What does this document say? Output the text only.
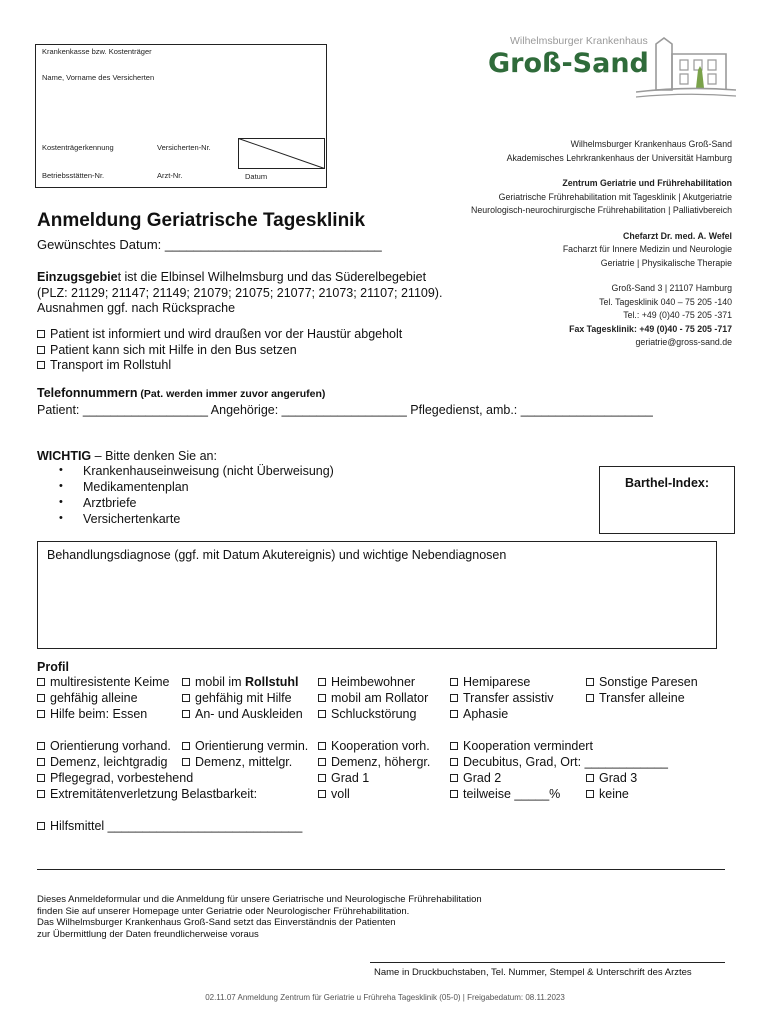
Krankenkasse bzw. Kostenträger
Name, Vorname des Versicherten
Kostenträgerkennung	Versicherten-Nr.
Betriebsstätten-Nr.	Arzt-Nr.	Datum
Wilhelmsburger Krankenhaus
Groß-Sand
Wilhelmsburger Krankenhaus Groß-Sand
Akademisches Lehrkrankenhaus der Universität Hamburg
Zentrum Geriatrie und Frührehabilitation
Geriatrische Frührehabilitation mit Tagesklinik | Akutgeriatrie
Neurologisch-neurochirurgische Frührehabilitation | Palliativbereich
Chefarzt Dr. med. A. Wefel
Facharzt für Innere Medizin und Neurologie
Geriatrie | Physikalische Therapie
Groß-Sand 3 | 21107 Hamburg
Tel. Tagesklinik 040 – 75 205 -140
Tel.: +49 (0)40 -75 205 -371
Fax Tagesklinik: +49 (0)40 - 75 205 -717
geriatrie@gross-sand.de
Anmeldung Geriatrische Tagesklinik
Gewünschtes Datum: ______________________________
Einzugsgebiet ist die Elbinsel Wilhelmsburg und das Süderelbegebiet
(PLZ: 21129; 21147; 21149; 21079; 21075; 21077; 21073; 21107; 21109).
Ausnahmen ggf. nach Rücksprache
Patient ist informiert und wird draußen vor der Haustür abgeholt
Patient kann sich mit Hilfe in den Bus setzen
Transport im Rollstuhl
Telefonnummern (Pat. werden immer zuvor angerufen)
Patient: __________________ Angehörige: __________________ Pflegedienst, amb.: ___________________
WICHTIG – Bitte denken Sie an:
• Krankenhauseinweisung (nicht Überweisung)
• Medikamentenplan
• Arztbriefe
• Versichertenkarte
Barthel-Index:
Behandlungsdiagnose (ggf. mit Datum Akutereignis) und wichtige Nebendiagnosen
Profil
multiresistente Keime	mobil im Rollstuhl	Heimbewohner	Hemiparese	Sonstige Paresen
gehfähig alleine	gehfähig mit Hilfe	mobil am Rollator	Transfer assistiv	Transfer alleine
Hilfe beim: Essen	An- und Auskleiden	Schluckstörung	Aphasie
Orientierung vorhand.	Orientierung vermin.	Kooperation vorh.	Kooperation vermindert
Demenz, leichtgradig	Demenz, mittelgr.	Demenz, höhergr.	Decubitus, Grad, Ort: ____________
Pflegegrad, vorbestehend	Grad 1	Grad 2	Grad 3
Extremitätenverletzung Belastbarkeit:	voll	teilweise _____%	keine
Hilfsmittel ____________________________
Dieses Anmeldeformular und die Anmeldung für unsere Geriatrische und Neurologische Frührehabilitation
finden Sie auf unserer Homepage unter Geriatrie oder Neurologischer Frührehabilitation.
Das Wilhelmsburger Krankenhaus Groß-Sand setzt das Einverständnis der Patienten
zur Übermittlung der Daten freundlicherweise voraus
Name in Druckbuchstaben, Tel. Nummer, Stempel & Unterschrift des Arztes
02.11.07 Anmeldung Zentrum für Geriatrie u Frühreha Tagesklinik (05-0) | Freigabedatum: 08.11.2023
